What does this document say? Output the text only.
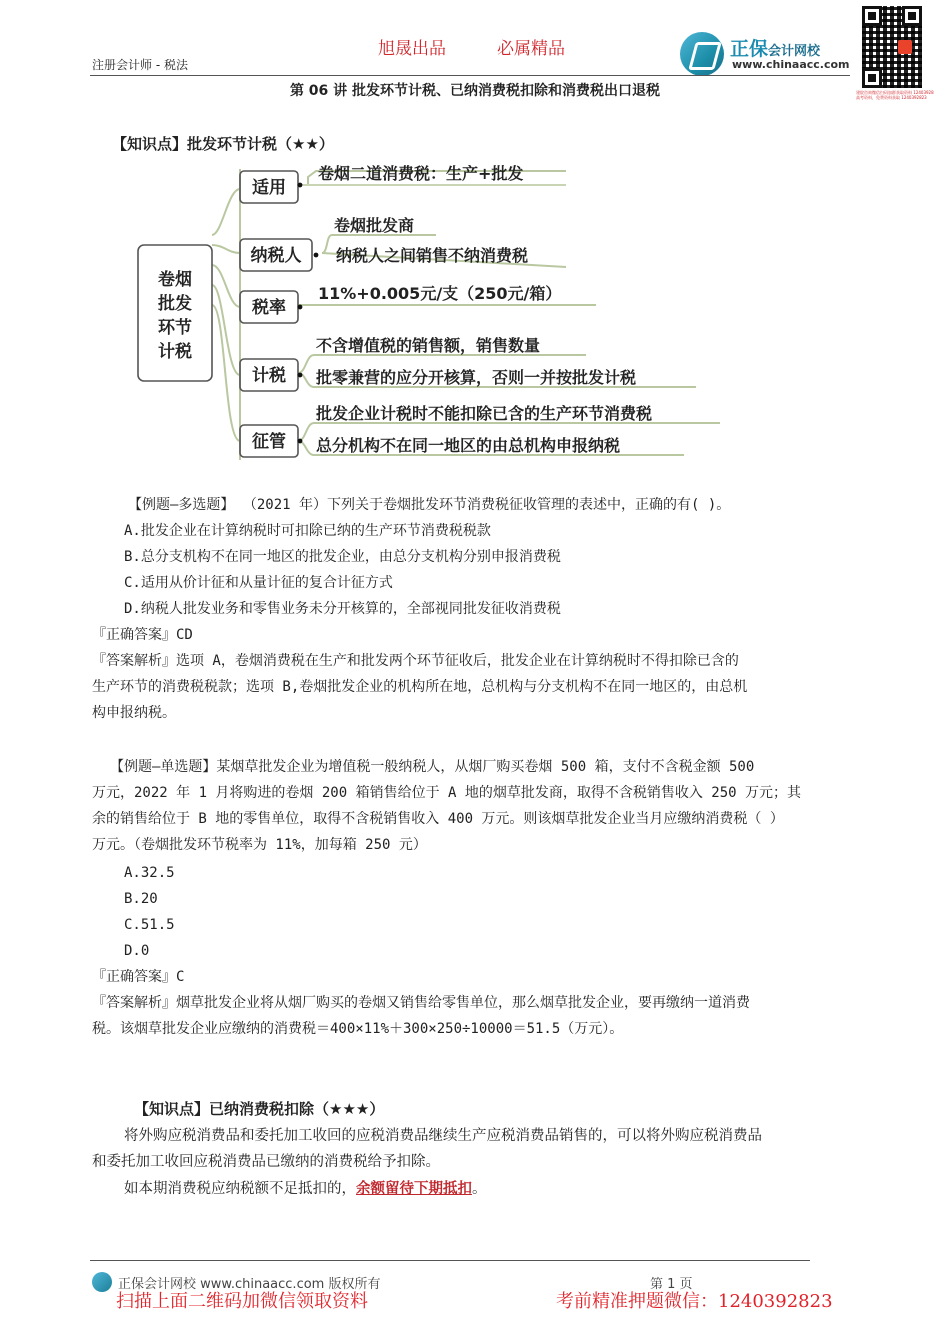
旭晟出品	必属精品
注册会计师 - 税法
正保会计网校
www.chinaacc.com
建院咨询微信扫码加群获取资料 12403928 高考资料，免费资料获取 1240392823
第 06 讲 批发环节计税、已纳消费税扣除和消费税出口退税
【知识点】批发环节计税（★★）
卷烟
批发
环节
计税
适用
纳税人
税率
计税
征管
卷烟二道消费税：生产+批发
卷烟批发商
纳税人之间销售不纳消费税
11%+0.005元/支（250元/箱）
不含增值税的销售额，销售数量
批零兼营的应分开核算，否则一并按批发计税
批发企业计税时不能扣除已含的生产环节消费税
总分机构不在同一地区的由总机构申报纳税
【例题—多选题】 （2021 年）下列关于卷烟批发环节消费税征收管理的表述中，正确的有( )。
A.批发企业在计算纳税时可扣除已纳的生产环节消费税税款
B.总分支机构不在同一地区的批发企业，由总分支机构分别申报消费税
C.适用从价计征和从量计征的复合计征方式
D.纳税人批发业务和零售业务未分开核算的，全部视同批发征收消费税
『正确答案』CD
『答案解析』选项 A，卷烟消费税在生产和批发两个环节征收后，批发企业在计算纳税时不得扣除已含的
生产环节的消费税税款；选项 B,卷烟批发企业的机构所在地，总机构与分支机构不在同一地区的，由总机
构申报纳税。
【例题—单选题】某烟草批发企业为增值税一般纳税人，从烟厂购买卷烟 500 箱，支付不含税金额 500
万元，2022 年 1 月将购进的卷烟 200 箱销售给位于 A 地的烟草批发商，取得不含税销售收入 250 万元；其
余的销售给位于 B 地的零售单位，取得不含税销售收入 400 万元。则该烟草批发企业当月应缴纳消费税（ ）
万元。（卷烟批发环节税率为 11%，加每箱 250 元）
A.32.5
B.20
C.51.5
D.0
『正确答案』C
『答案解析』烟草批发企业将从烟厂购买的卷烟又销售给零售单位，那么烟草批发企业，要再缴纳一道消费
税。该烟草批发企业应缴纳的消费税＝400×11%＋300×250÷10000＝51.5（万元）。
【知识点】已纳消费税扣除（★★★）
将外购应税消费品和委托加工收回的应税消费品继续生产应税消费品销售的，可以将外购应税消费品
和委托加工收回应税消费品已缴纳的消费税给予扣除。
如本期消费税应纳税额不足抵扣的，余额留待下期抵扣。
正保会计网校 www.chinaacc.com 版权所有	第 1 页
扫描上面二维码加微信领取资料	考前精准押题微信：1240392823
